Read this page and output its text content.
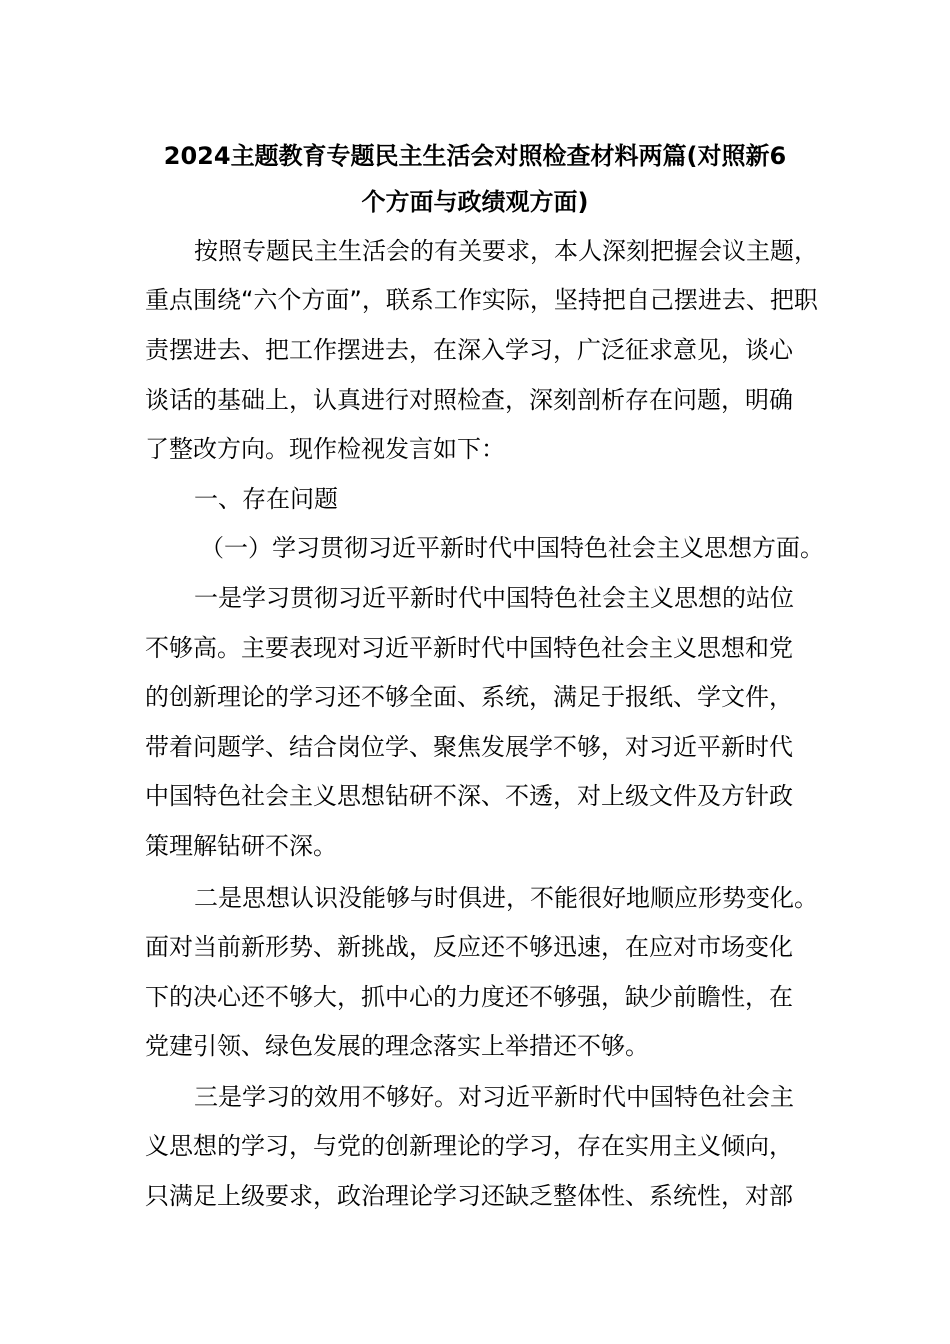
2024主题教育专题民主生活会对照检查材料两篇(对照新6
个方面与政绩观方面)
按照专题民主生活会的有关要求，本人深刻把握会议主题，
重点围绕“六个方面”，联系工作实际，坚持把自己摆进去、把职
责摆进去、把工作摆进去，在深入学习，广泛征求意见，谈心
谈话的基础上，认真进行对照检查，深刻剖析存在问题，明确
了整改方向。现作检视发言如下：
一、存在问题
（一）学习贯彻习近平新时代中国特色社会主义思想方面。
一是学习贯彻习近平新时代中国特色社会主义思想的站位
不够高。主要表现对习近平新时代中国特色社会主义思想和党
的创新理论的学习还不够全面、系统，满足于报纸、学文件，
带着问题学、结合岗位学、聚焦发展学不够，对习近平新时代
中国特色社会主义思想钻研不深、不透，对上级文件及方针政
策理解钻研不深。
二是思想认识没能够与时俱进，不能很好地顺应形势变化。
面对当前新形势、新挑战，反应还不够迅速，在应对市场变化
下的决心还不够大，抓中心的力度还不够强，缺少前瞻性，在
党建引领、绿色发展的理念落实上举措还不够。
三是学习的效用不够好。对习近平新时代中国特色社会主
义思想的学习，与党的创新理论的学习，存在实用主义倾向，
只满足上级要求，政治理论学习还缺乏整体性、系统性，对部
